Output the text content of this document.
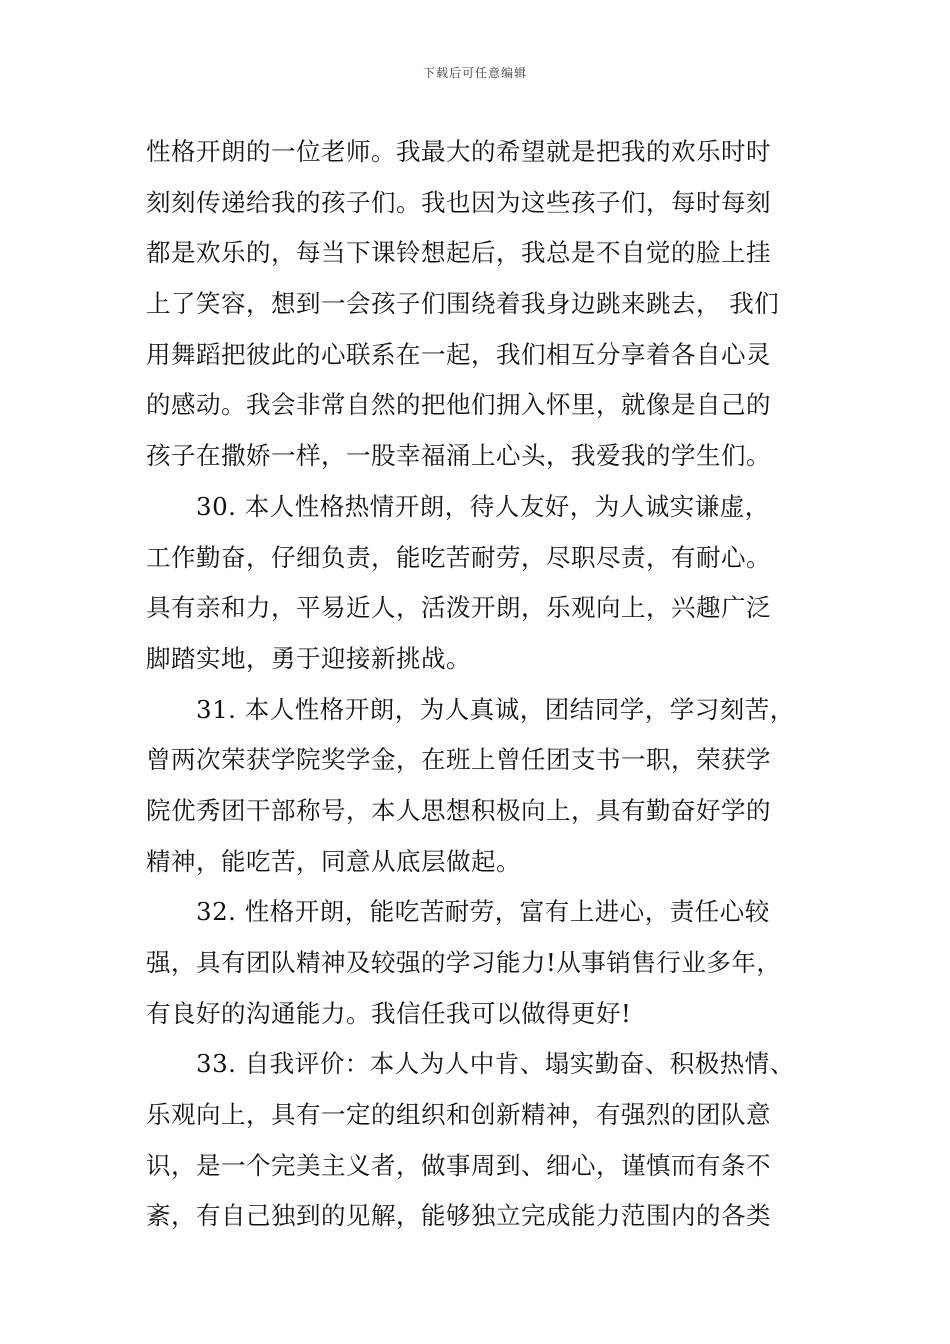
下载后可任意编辑
性格开朗的一位老师。我最大的希望就是把我的欢乐时时
刻刻传递给我的孩子们。我也因为这些孩子们，每时每刻
都是欢乐的，每当下课铃想起后，我总是不自觉的脸上挂
上了笑容，想到一会孩子们围绕着我身边跳来跳去， 我们
用舞蹈把彼此的心联系在一起，我们相互分享着各自心灵
的感动。我会非常自然的把他们拥入怀里，就像是自己的
孩子在撒娇一样，一股幸福涌上心头，我爱我的学生们。
30. 本人性格热情开朗，待人友好，为人诚实谦虚，
工作勤奋，仔细负责，能吃苦耐劳，尽职尽责，有耐心。
具有亲和力，平易近人，活泼开朗，乐观向上，兴趣广泛
脚踏实地，勇于迎接新挑战。
31. 本人性格开朗，为人真诚，团结同学，学习刻苦，
曾两次荣获学院奖学金，在班上曾任团支书一职，荣获学
院优秀团干部称号，本人思想积极向上，具有勤奋好学的
精神，能吃苦，同意从底层做起。
32. 性格开朗，能吃苦耐劳，富有上进心，责任心较
强，具有团队精神及较强的学习能力!从事销售行业多年，
有良好的沟通能力。我信任我可以做得更好!
33. 自我评价：本人为人中肯、塌实勤奋、积极热情、
乐观向上，具有一定的组织和创新精神，有强烈的团队意
识，是一个完美主义者，做事周到、细心，谨慎而有条不
紊，有自己独到的见解，能够独立完成能力范围内的各类
